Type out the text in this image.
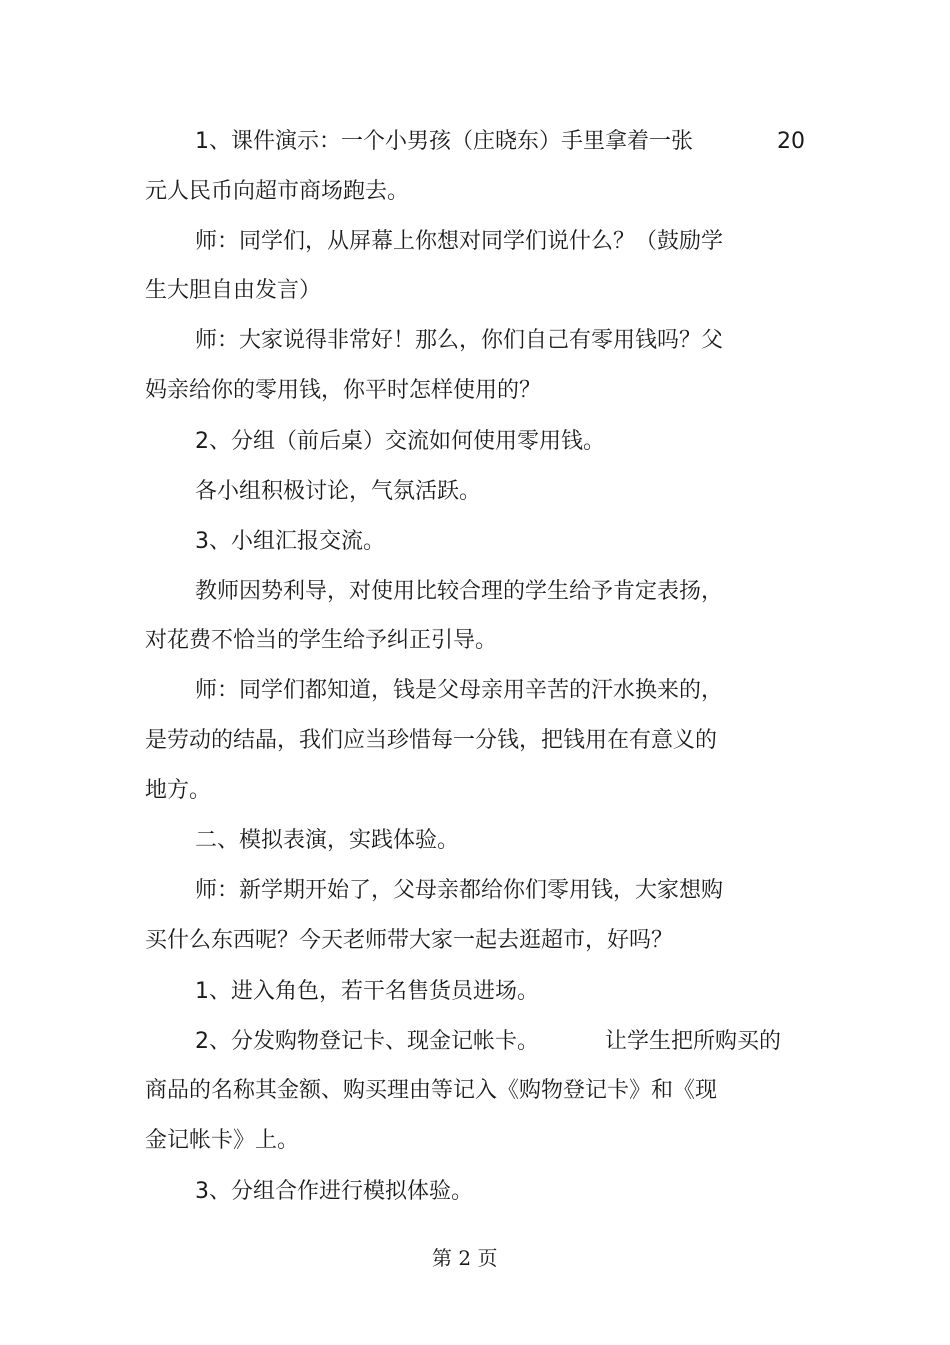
1、课件演示：一个小男孩（庄晓东）手里拿着一张	20
元人民币向超市商场跑去。
师：同学们，从屏幕上你想对同学们说什么？（鼓励学
生大胆自由发言）
师：大家说得非常好！那么，你们自己有零用钱吗？父
妈亲给你的零用钱，你平时怎样使用的？
2、分组（前后桌）交流如何使用零用钱。
各小组积极讨论，气氛活跃。
3、小组汇报交流。
教师因势利导，对使用比较合理的学生给予肯定表扬，
对花费不恰当的学生给予纠正引导。
师：同学们都知道，钱是父母亲用辛苦的汗水换来的，
是劳动的结晶，我们应当珍惜每一分钱，把钱用在有意义的
地方。
二、模拟表演，实践体验。
师：新学期开始了，父母亲都给你们零用钱，大家想购
买什么东西呢？今天老师带大家一起去逛超市，好吗？
1、进入角色，若干名售货员进场。
2、分发购物登记卡、现金记帐卡。	让学生把所购买的
商品的名称其金额、购买理由等记入《购物登记卡》和《现
金记帐卡》上。
3、分组合作进行模拟体验。
第 2 页
